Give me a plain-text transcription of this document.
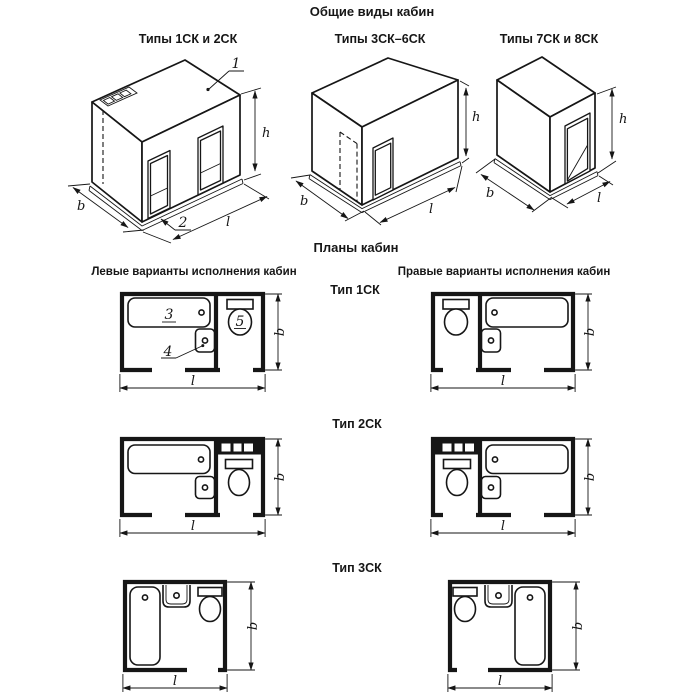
Общие виды кабин
Типы 1СК и 2СК	Типы 3СК–6СК	Типы 7СК и 8СК
Планы кабин
Левые варианты исполнения кабин	Правые варианты исполнения кабин
Тип 1СК
Тип 2СК
Тип 3СК
1
2
h
b
l
h
b
l
h
b	l
3
4
5
l
b
l
b
l
b
l
b
l
b
l
b
